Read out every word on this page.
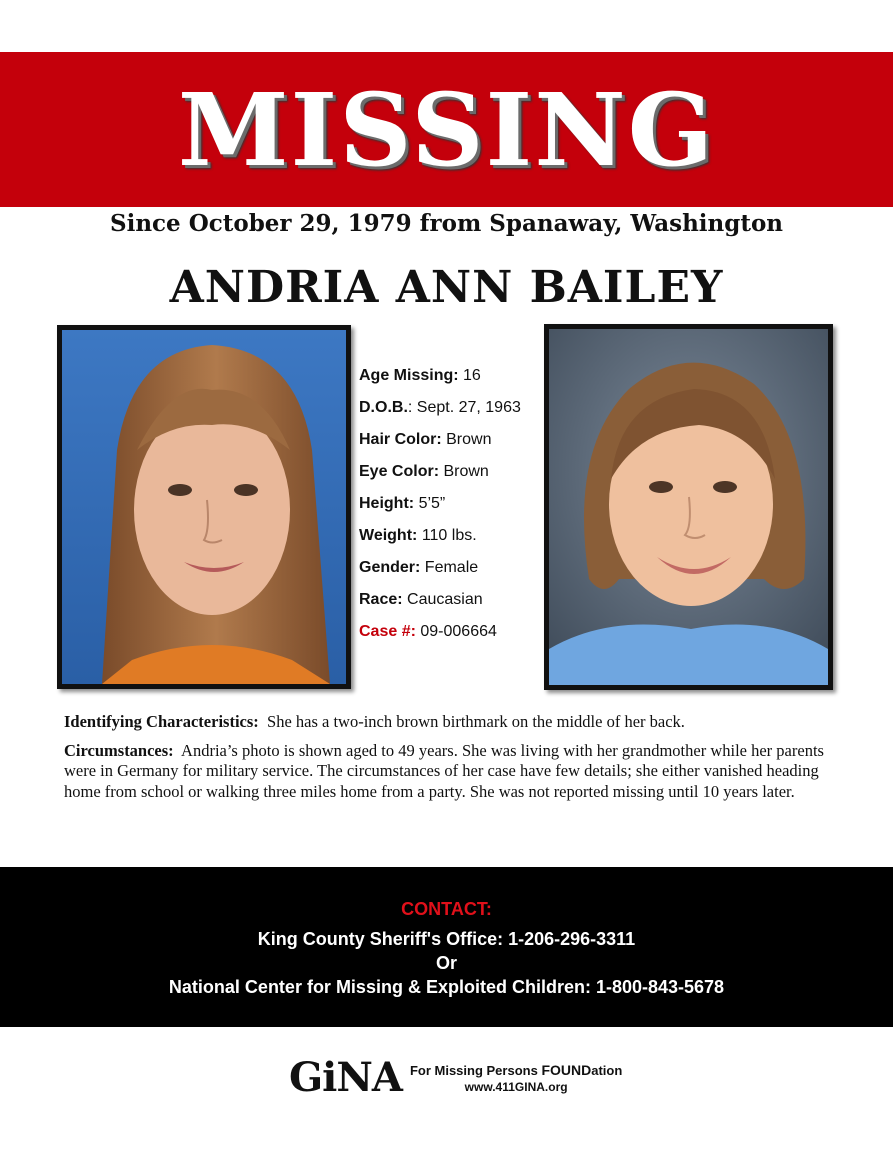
MISSING
Since October 29, 1979 from Spanaway, Washington
ANDRIA ANN BAILEY
Age Missing: 16
D.O.B.: Sept. 27, 1963
Hair Color: Brown
Eye Color: Brown
Height: 5’5”
Weight: 110 lbs.
Gender: Female
Race: Caucasian
Case #: 09-006664

Identifying Characteristics: She has a two-inch brown birthmark on the middle of her back.

Circumstances: Andria’s photo is shown aged to 49 years. She was living with her grandmother while her parents were in Germany for military service. The circumstances of her case have few details; she either vanished heading home from school or walking three miles home from a party. She was not reported missing until 10 years later.

CONTACT:
King County Sheriff's Office: 1-206-296-3311
Or
National Center for Missing & Exploited Children: 1-800-843-5678
GiNA For Missing Persons FOUNDation
www.411GINA.org
